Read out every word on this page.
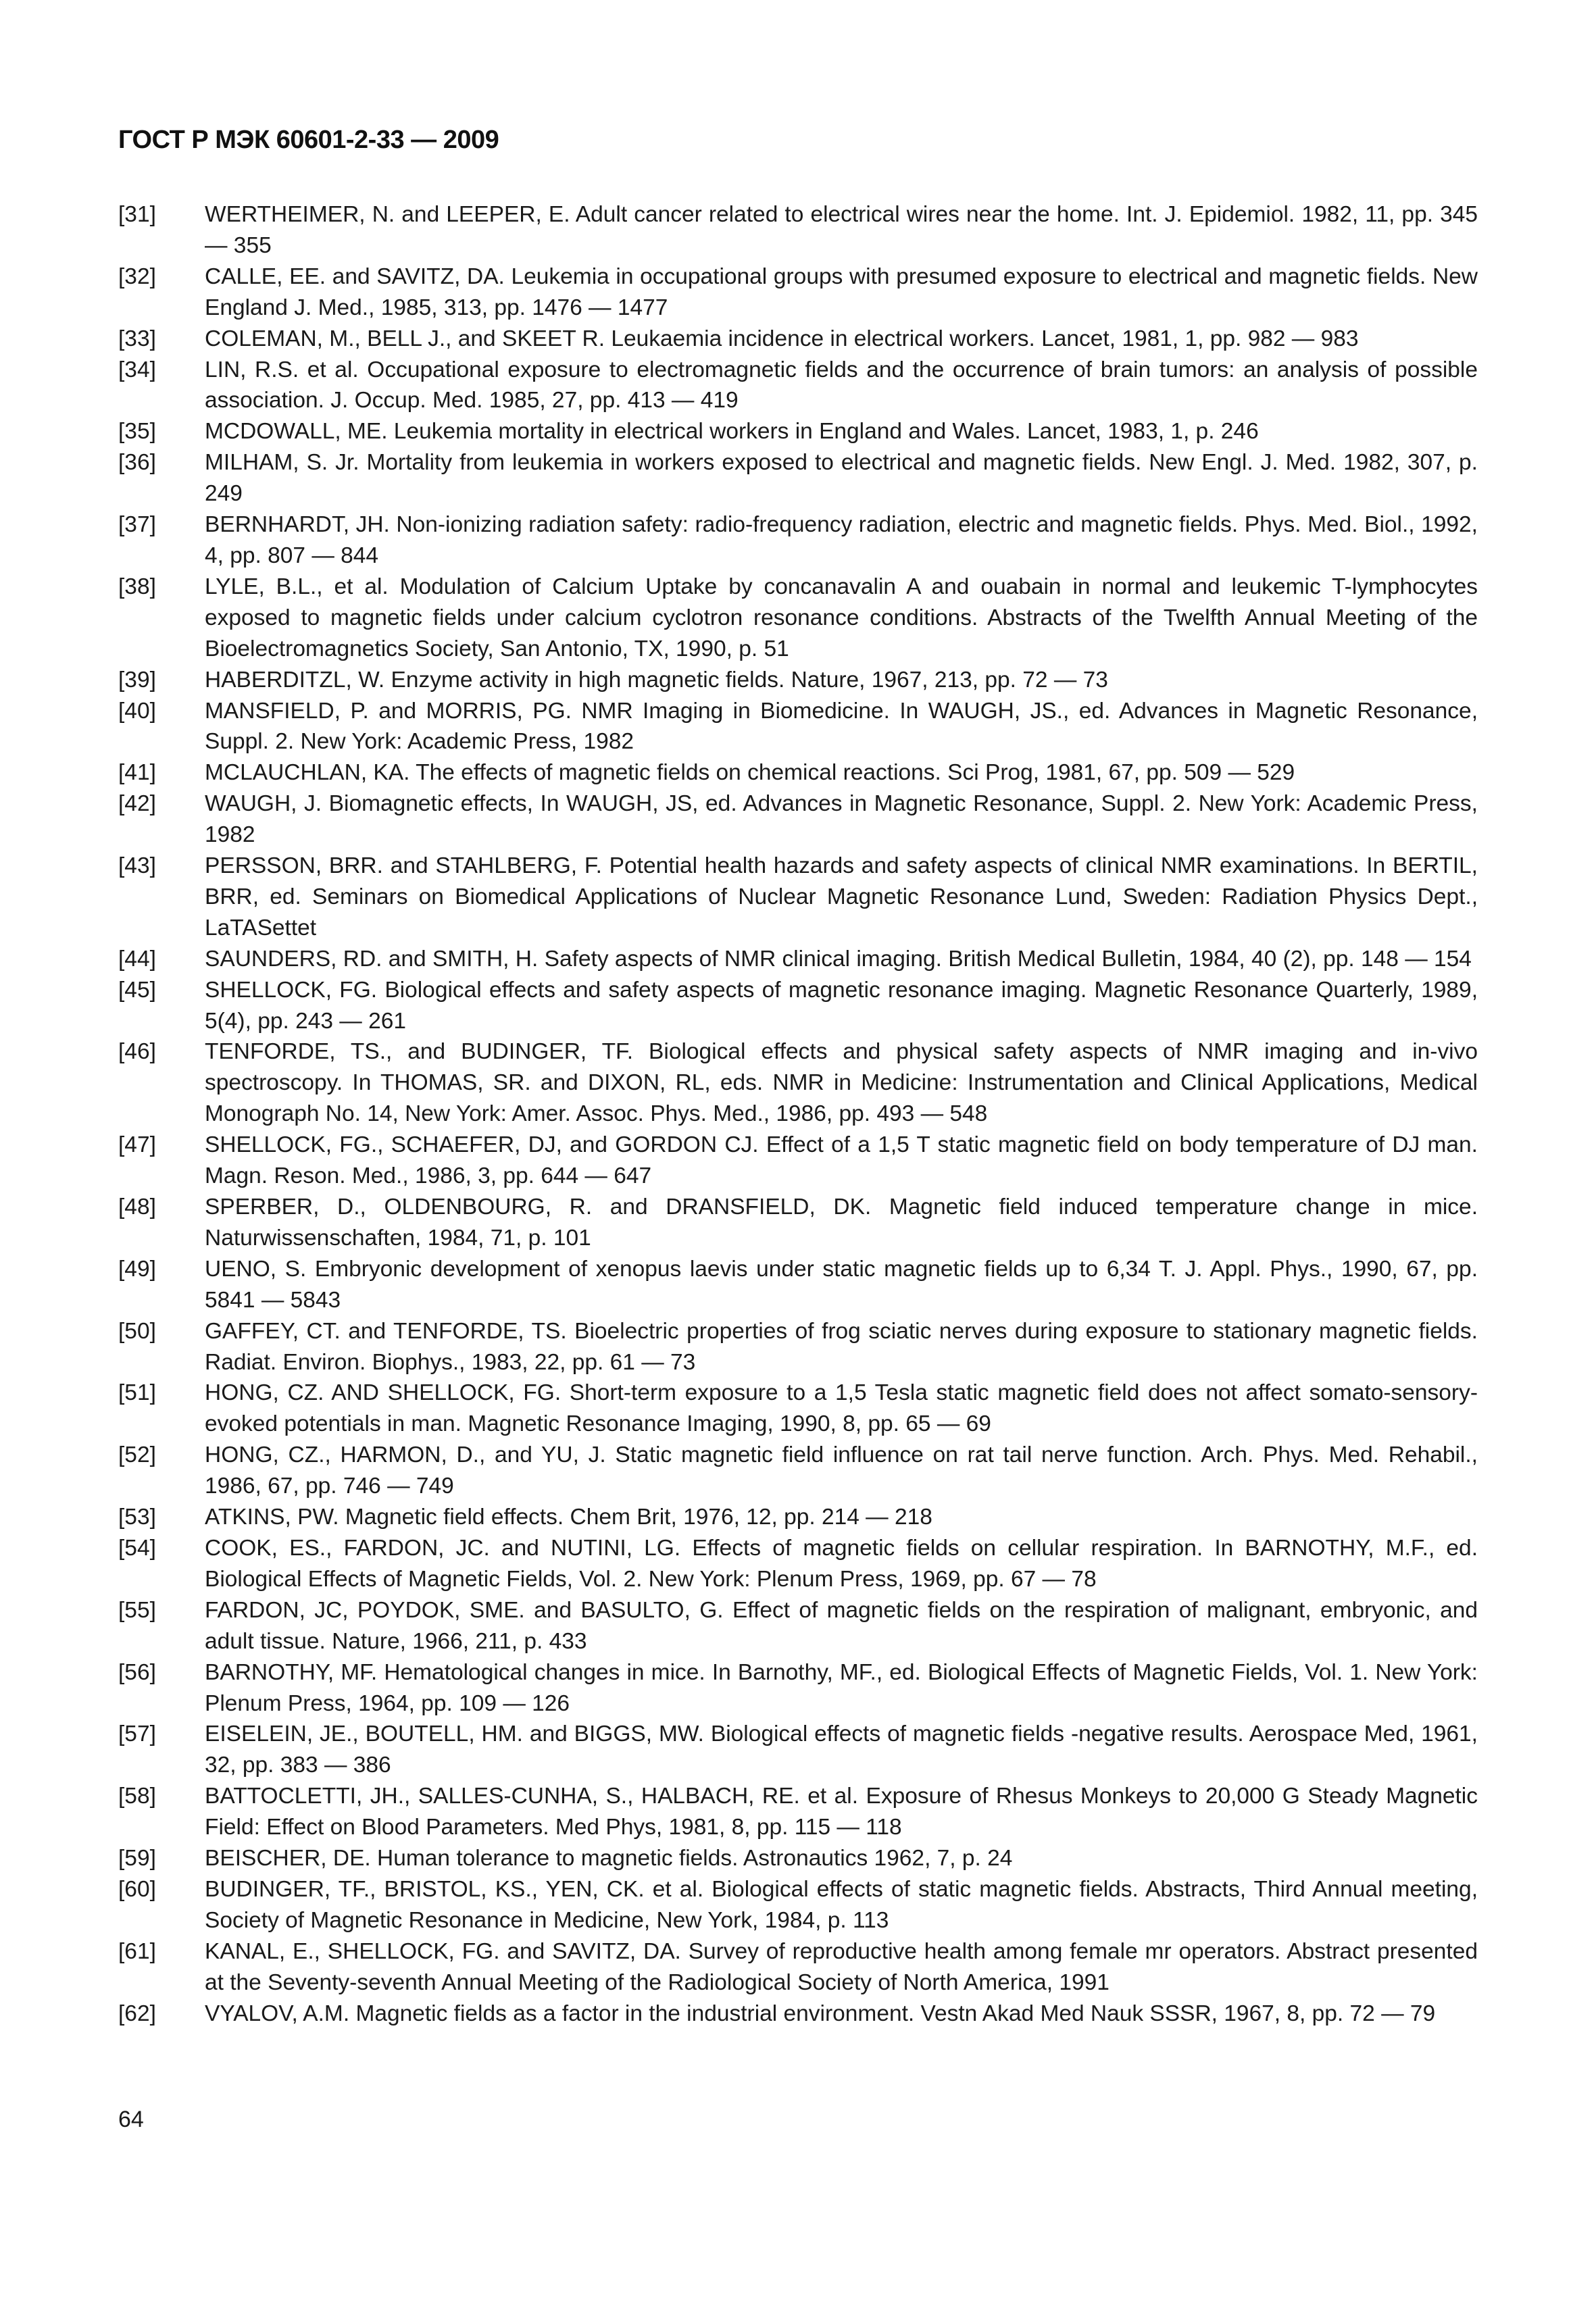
ГОСТ Р МЭК 60601-2-33 — 2009
[31]	WERTHEIMER, N. and LEEPER, E. Adult cancer related to electrical wires near the home. Int. J. Epidemiol. 1982, 11, pp. 345 — 355
[32]	CALLE, EE. and SAVITZ, DA. Leukemia in occupational groups with presumed exposure to electrical and magnetic fields. New England J. Med., 1985, 313, pp. 1476 — 1477
[33]	COLEMAN, M., BELL J., and SKEET R. Leukaemia incidence in electrical workers. Lancet, 1981, 1, pp. 982 — 983
[34]	LIN, R.S. et al. Occupational exposure to electromagnetic fields and the occurrence of brain tumors: an analysis of possible association. J. Occup. Med. 1985, 27, pp. 413 — 419
[35]	MCDOWALL, ME. Leukemia mortality in electrical workers in England and Wales. Lancet, 1983, 1, p. 246
[36]	MILHAM, S. Jr. Mortality from leukemia in workers exposed to electrical and magnetic fields. New Engl. J. Med. 1982, 307, p. 249
[37]	BERNHARDT, JH. Non-ionizing radiation safety: radio-frequency radiation, electric and magnetic fields. Phys. Med. Biol., 1992, 4, pp. 807 — 844
[38]	LYLE, B.L., et al. Modulation of Calcium Uptake by concanavalin A and ouabain in normal and leukemic T-lymphocytes exposed to magnetic fields under calcium cyclotron resonance conditions. Abstracts of the Twelfth Annual Meeting of the Bioelectromagnetics Society, San Antonio, TX, 1990, p. 51
[39]	HABERDITZL, W. Enzyme activity in high magnetic fields. Nature, 1967, 213, pp. 72 — 73
[40]	MANSFIELD, P. and MORRIS, PG. NMR Imaging in Biomedicine. In WAUGH, JS., ed. Advances in Magnetic Resonance, Suppl. 2. New York: Academic Press, 1982
[41]	MCLAUCHLAN, KA. The effects of magnetic fields on chemical reactions. Sci Prog, 1981, 67, pp. 509 — 529
[42]	WAUGH, J. Biomagnetic effects, In WAUGH, JS, ed. Advances in Magnetic Resonance, Suppl. 2. New York: Academic Press, 1982
[43]	PERSSON, BRR. and STAHLBERG, F. Potential health hazards and safety aspects of clinical NMR examinations. In BERTIL, BRR, ed. Seminars on Biomedical Applications of Nuclear Magnetic Resonance Lund, Sweden: Radiation Physics Dept., LaTASettet
[44]	SAUNDERS, RD. and SMITH, H. Safety aspects of NMR clinical imaging. British Medical Bulletin, 1984, 40 (2), pp. 148 — 154
[45]	SHELLOCK, FG. Biological effects and safety aspects of magnetic resonance imaging. Magnetic Resonance Quarterly, 1989, 5(4), pp. 243 — 261
[46]	TENFORDE, TS., and BUDINGER, TF. Biological effects and physical safety aspects of NMR imaging and in-vivo spectroscopy. In THOMAS, SR. and DIXON, RL, eds. NMR in Medicine: Instrumentation and Clinical Applications, Medical Monograph No. 14, New York: Amer. Assoc. Phys. Med., 1986, pp. 493 — 548
[47]	SHELLOCK, FG., SCHAEFER, DJ, and GORDON CJ. Effect of a 1,5 T static magnetic field on body temperature of DJ man. Magn. Reson. Med., 1986, 3, pp. 644 — 647
[48]	SPERBER, D., OLDENBOURG, R. and DRANSFIELD, DK. Magnetic field induced temperature change in mice. Naturwissenschaften, 1984, 71, p. 101
[49]	UENO, S. Embryonic development of xenopus laevis under static magnetic fields up to 6,34 T. J. Appl. Phys., 1990, 67, pp. 5841 — 5843
[50]	GAFFEY, CT. and TENFORDE, TS. Bioelectric properties of frog sciatic nerves during exposure to stationary magnetic fields. Radiat. Environ. Biophys., 1983, 22, pp. 61 — 73
[51]	HONG, CZ. AND SHELLOCK, FG. Short-term exposure to a 1,5 Tesla static magnetic field does not affect somato-sensory-evoked potentials in man. Magnetic Resonance Imaging, 1990, 8, pp. 65 — 69
[52]	HONG, CZ., HARMON, D., and YU, J. Static magnetic field influence on rat tail nerve function. Arch. Phys. Med. Rehabil., 1986, 67, pp. 746 — 749
[53]	ATKINS, PW. Magnetic field effects. Chem Brit, 1976, 12, pp. 214 — 218
[54]	COOK, ES., FARDON, JC. and NUTINI, LG. Effects of magnetic fields on cellular respiration. In BARNOTHY, M.F., ed. Biological Effects of Magnetic Fields, Vol. 2. New York: Plenum Press, 1969, pp. 67 — 78
[55]	FARDON, JC, POYDOK, SME. and BASULTO, G. Effect of magnetic fields on the respiration of malignant, embryonic, and adult tissue. Nature, 1966, 211, p. 433
[56]	BARNOTHY, MF. Hematological changes in mice. In Barnothy, MF., ed. Biological Effects of Magnetic Fields, Vol. 1. New York: Plenum Press, 1964, pp. 109 — 126
[57]	EISELEIN, JE., BOUTELL, HM. and BIGGS, MW. Biological effects of magnetic fields -negative results. Aerospace Med, 1961, 32, pp. 383 — 386
[58]	BATTOCLETTI, JH., SALLES-CUNHA, S., HALBACH, RE. et al. Exposure of Rhesus Monkeys to 20,000 G Steady Magnetic Field: Effect on Blood Parameters. Med Phys, 1981, 8, pp. 115 — 118
[59]	BEISCHER, DE. Human tolerance to magnetic fields. Astronautics 1962, 7, p. 24
[60]	BUDINGER, TF., BRISTOL, KS., YEN, CK. et al. Biological effects of static magnetic fields. Abstracts, Third Annual meeting, Society of Magnetic Resonance in Medicine, New York, 1984, p. 113
[61]	KANAL, E., SHELLOCK, FG. and SAVITZ, DA. Survey of reproductive health among female mr operators. Abstract presented at the Seventy-seventh Annual Meeting of the Radiological Society of North America, 1991
[62]	VYALOV, A.M. Magnetic fields as a factor in the industrial environment. Vestn Akad Med Nauk SSSR, 1967, 8, pp. 72 — 79
64
